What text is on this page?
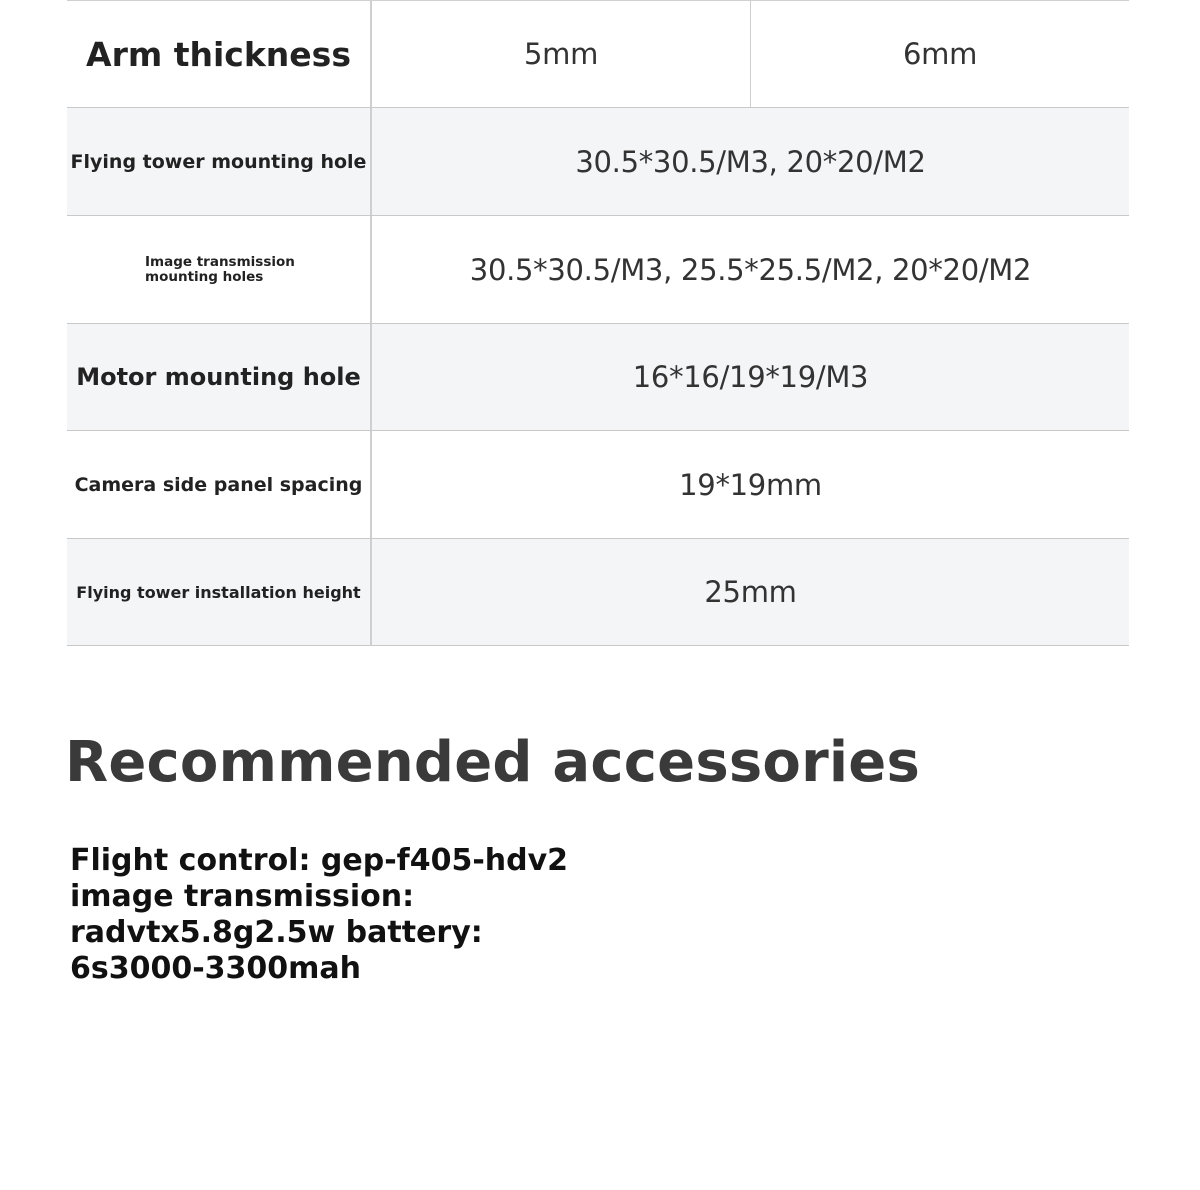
Arm thickness	5mm	6mm
Flying tower mounting hole	30.5*30.5/M3, 20*20/M2
Image transmission mounting holes	30.5*30.5/M3, 25.5*25.5/M2, 20*20/M2
Motor mounting hole	16*16/19*19/M3
Camera side panel spacing	19*19mm
Flying tower installation height	25mm
Recommended accessories
Flight control: gep-f405-hdv2
image transmission:
radvtx5.8g2.5w battery:
6s3000-3300mah
